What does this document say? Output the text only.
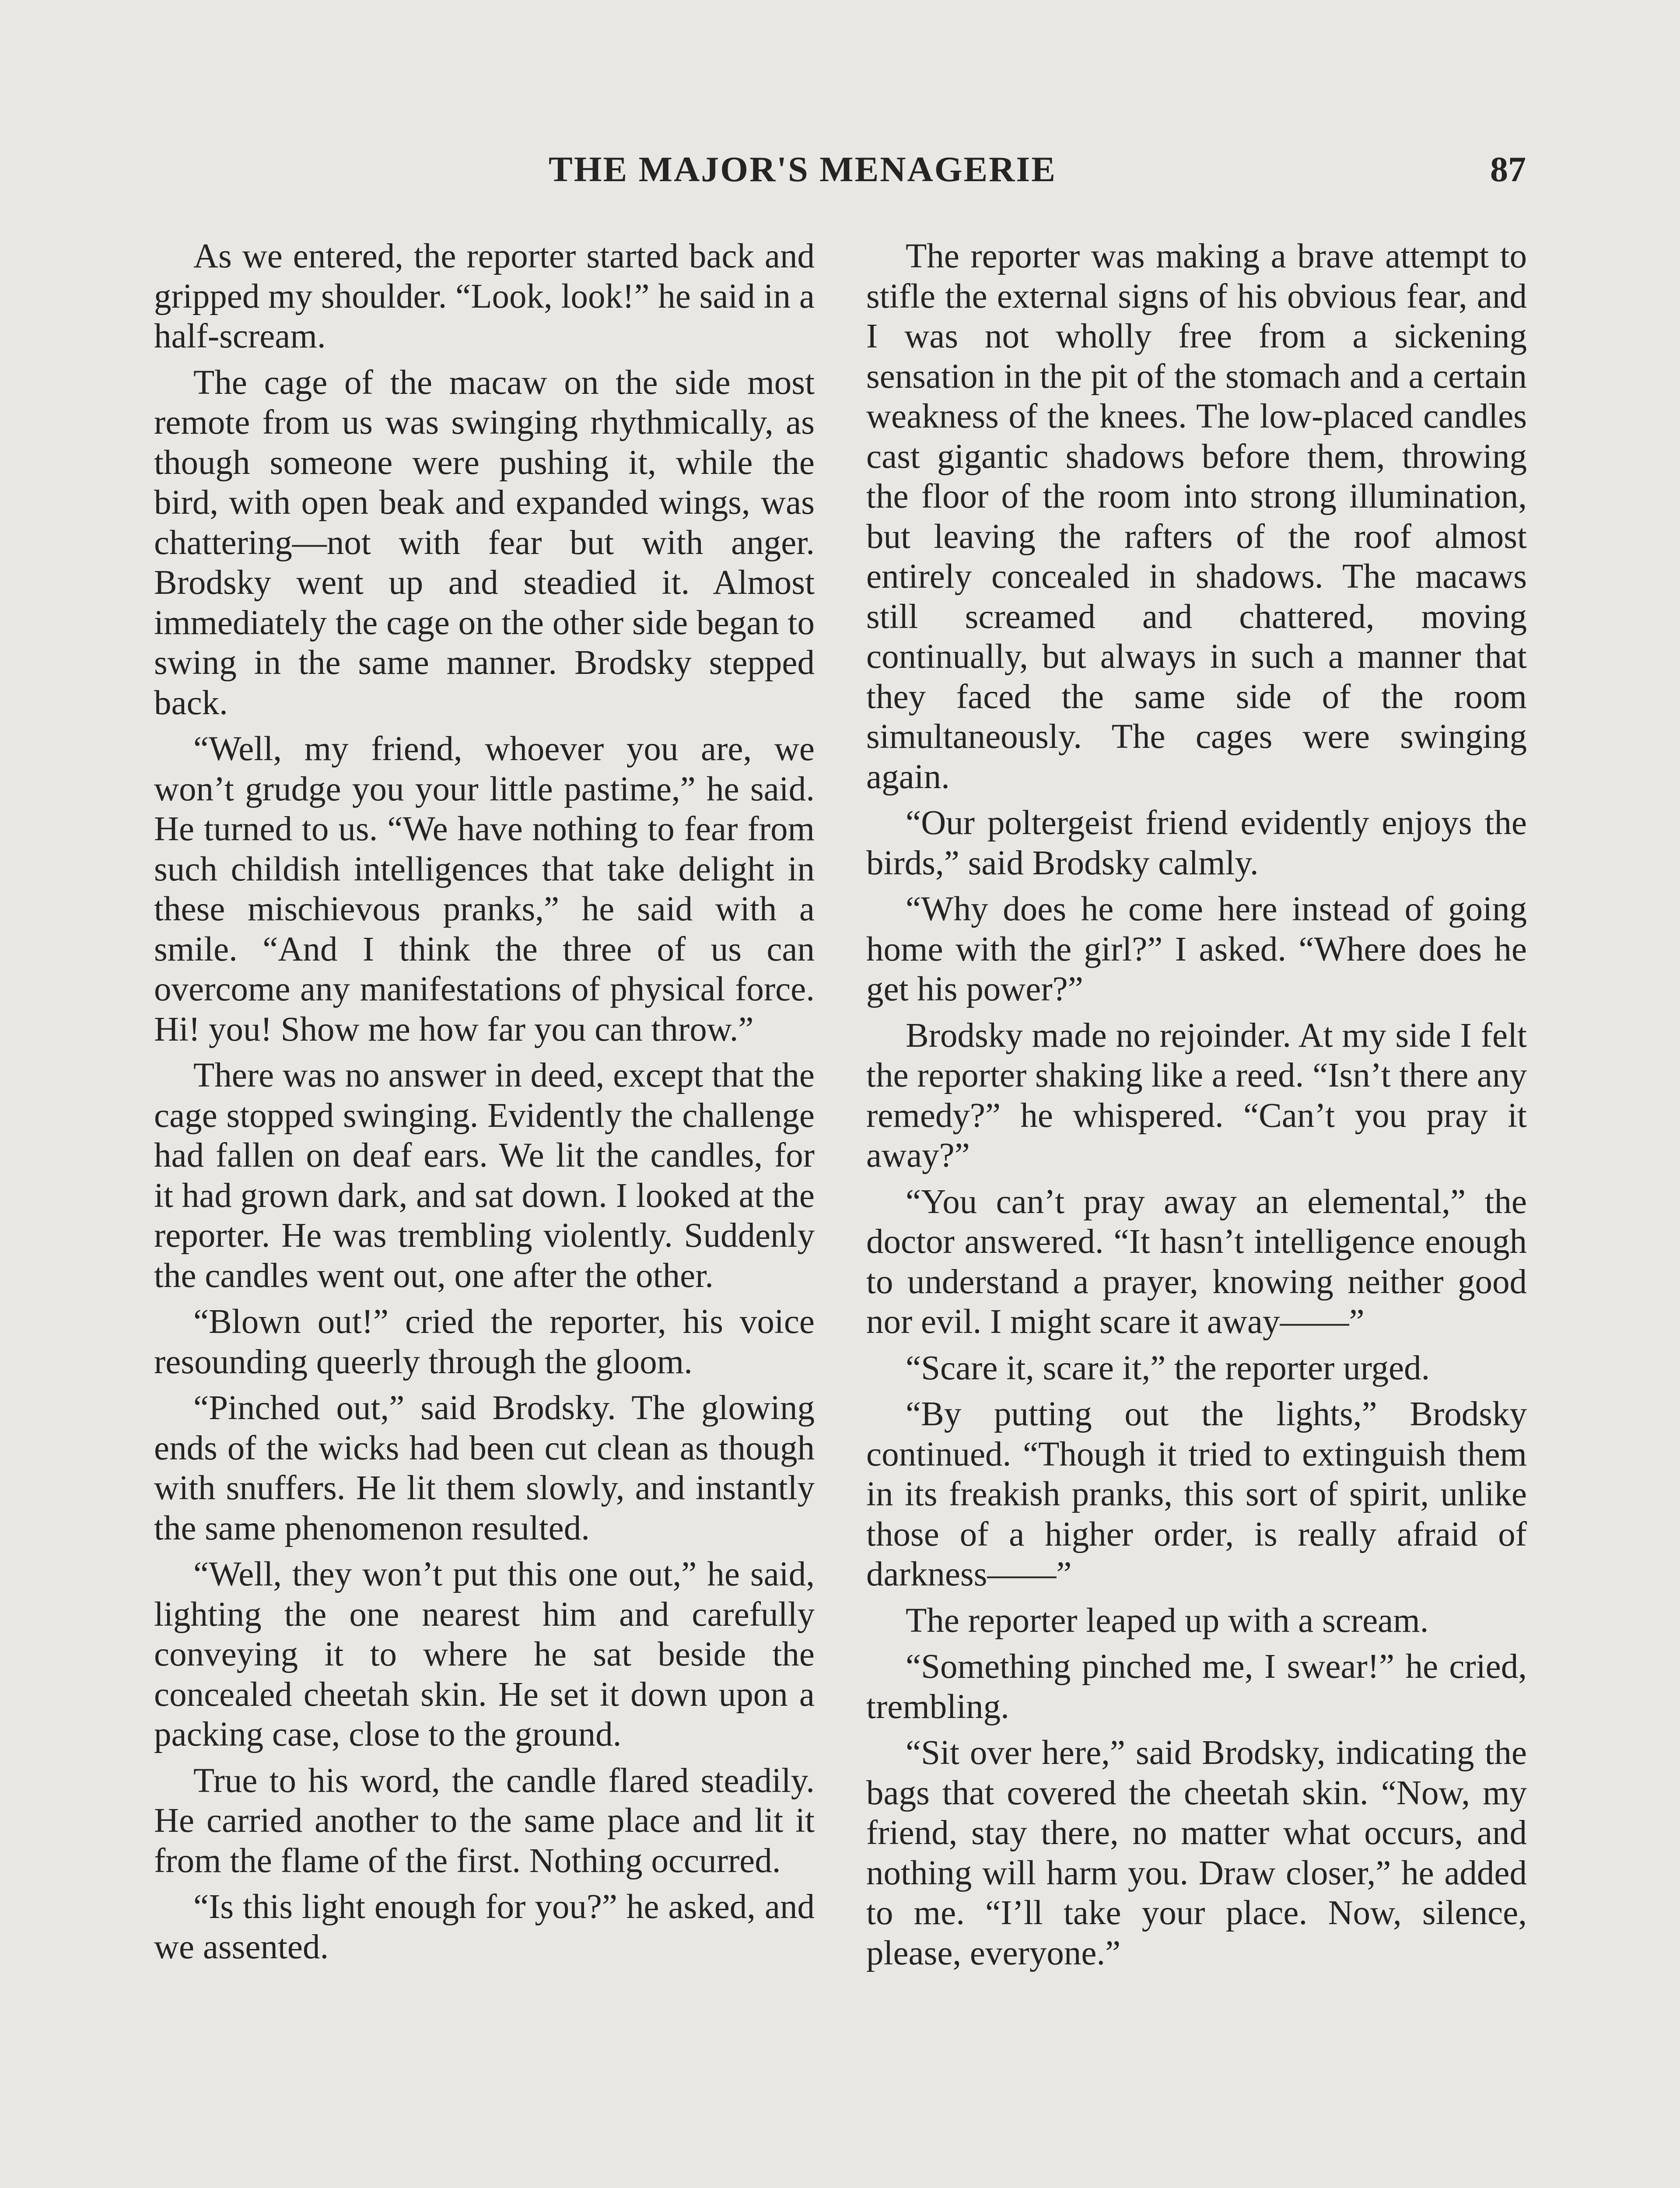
THE MAJOR'S MENAGERIE	87

As we entered, the reporter started back and gripped my shoulder. “Look, look!” he said in a half-scream.

The cage of the macaw on the side most remote from us was swinging rhythmically, as though someone were pushing it, while the bird, with open beak and expanded wings, was chattering—not with fear but with anger. Brodsky went up and steadied it. Almost immediately the cage on the other side began to swing in the same manner. Brodsky stepped back.

“Well, my friend, whoever you are, we won’t grudge you your little pastime,” he said. He turned to us. “We have nothing to fear from such childish intelligences that take delight in these mischievous pranks,” he said with a smile. “And I think the three of us can overcome any manifestations of physical force. Hi! you! Show me how far you can throw.”

There was no answer in deed, except that the cage stopped swinging. Evidently the challenge had fallen on deaf ears. We lit the candles, for it had grown dark, and sat down. I looked at the reporter. He was trembling violently. Suddenly the candles went out, one after the other.

“Blown out!” cried the reporter, his voice resounding queerly through the gloom.

“Pinched out,” said Brodsky. The glowing ends of the wicks had been cut clean as though with snuffers. He lit them slowly, and instantly the same phenomenon resulted.

“Well, they won’t put this one out,” he said, lighting the one nearest him and carefully conveying it to where he sat beside the concealed cheetah skin. He set it down upon a packing case, close to the ground.

True to his word, the candle flared steadily. He carried another to the same place and lit it from the flame of the first. Nothing occurred.

“Is this light enough for you?” he asked, and we assented.

The reporter was making a brave attempt to stifle the external signs of his obvious fear, and I was not wholly free from a sickening sensation in the pit of the stomach and a certain weakness of the knees. The low-placed candles cast gigantic shadows before them, throwing the floor of the room into strong illumination, but leaving the rafters of the roof almost entirely concealed in shadows. The macaws still screamed and chattered, moving continually, but always in such a manner that they faced the same side of the room simultaneously. The cages were swinging again.

“Our poltergeist friend evidently enjoys the birds,” said Brodsky calmly.

“Why does he come here instead of going home with the girl?” I asked. “Where does he get his power?”

Brodsky made no rejoinder. At my side I felt the reporter shaking like a reed. “Isn’t there any remedy?” he whispered. “Can’t you pray it away?”

“You can’t pray away an elemental,” the doctor answered. “It hasn’t intelligence enough to understand a prayer, knowing neither good nor evil. I might scare it away——”

“Scare it, scare it,” the reporter urged.

“By putting out the lights,” Brodsky continued. “Though it tried to extinguish them in its freakish pranks, this sort of spirit, unlike those of a higher order, is really afraid of darkness——”

The reporter leaped up with a scream.

“Something pinched me, I swear!” he cried, trembling.

“Sit over here,” said Brodsky, indicating the bags that covered the cheetah skin. “Now, my friend, stay there, no matter what occurs, and nothing will harm you. Draw closer,” he added to me. “I’ll take your place. Now, silence, please, everyone.”
